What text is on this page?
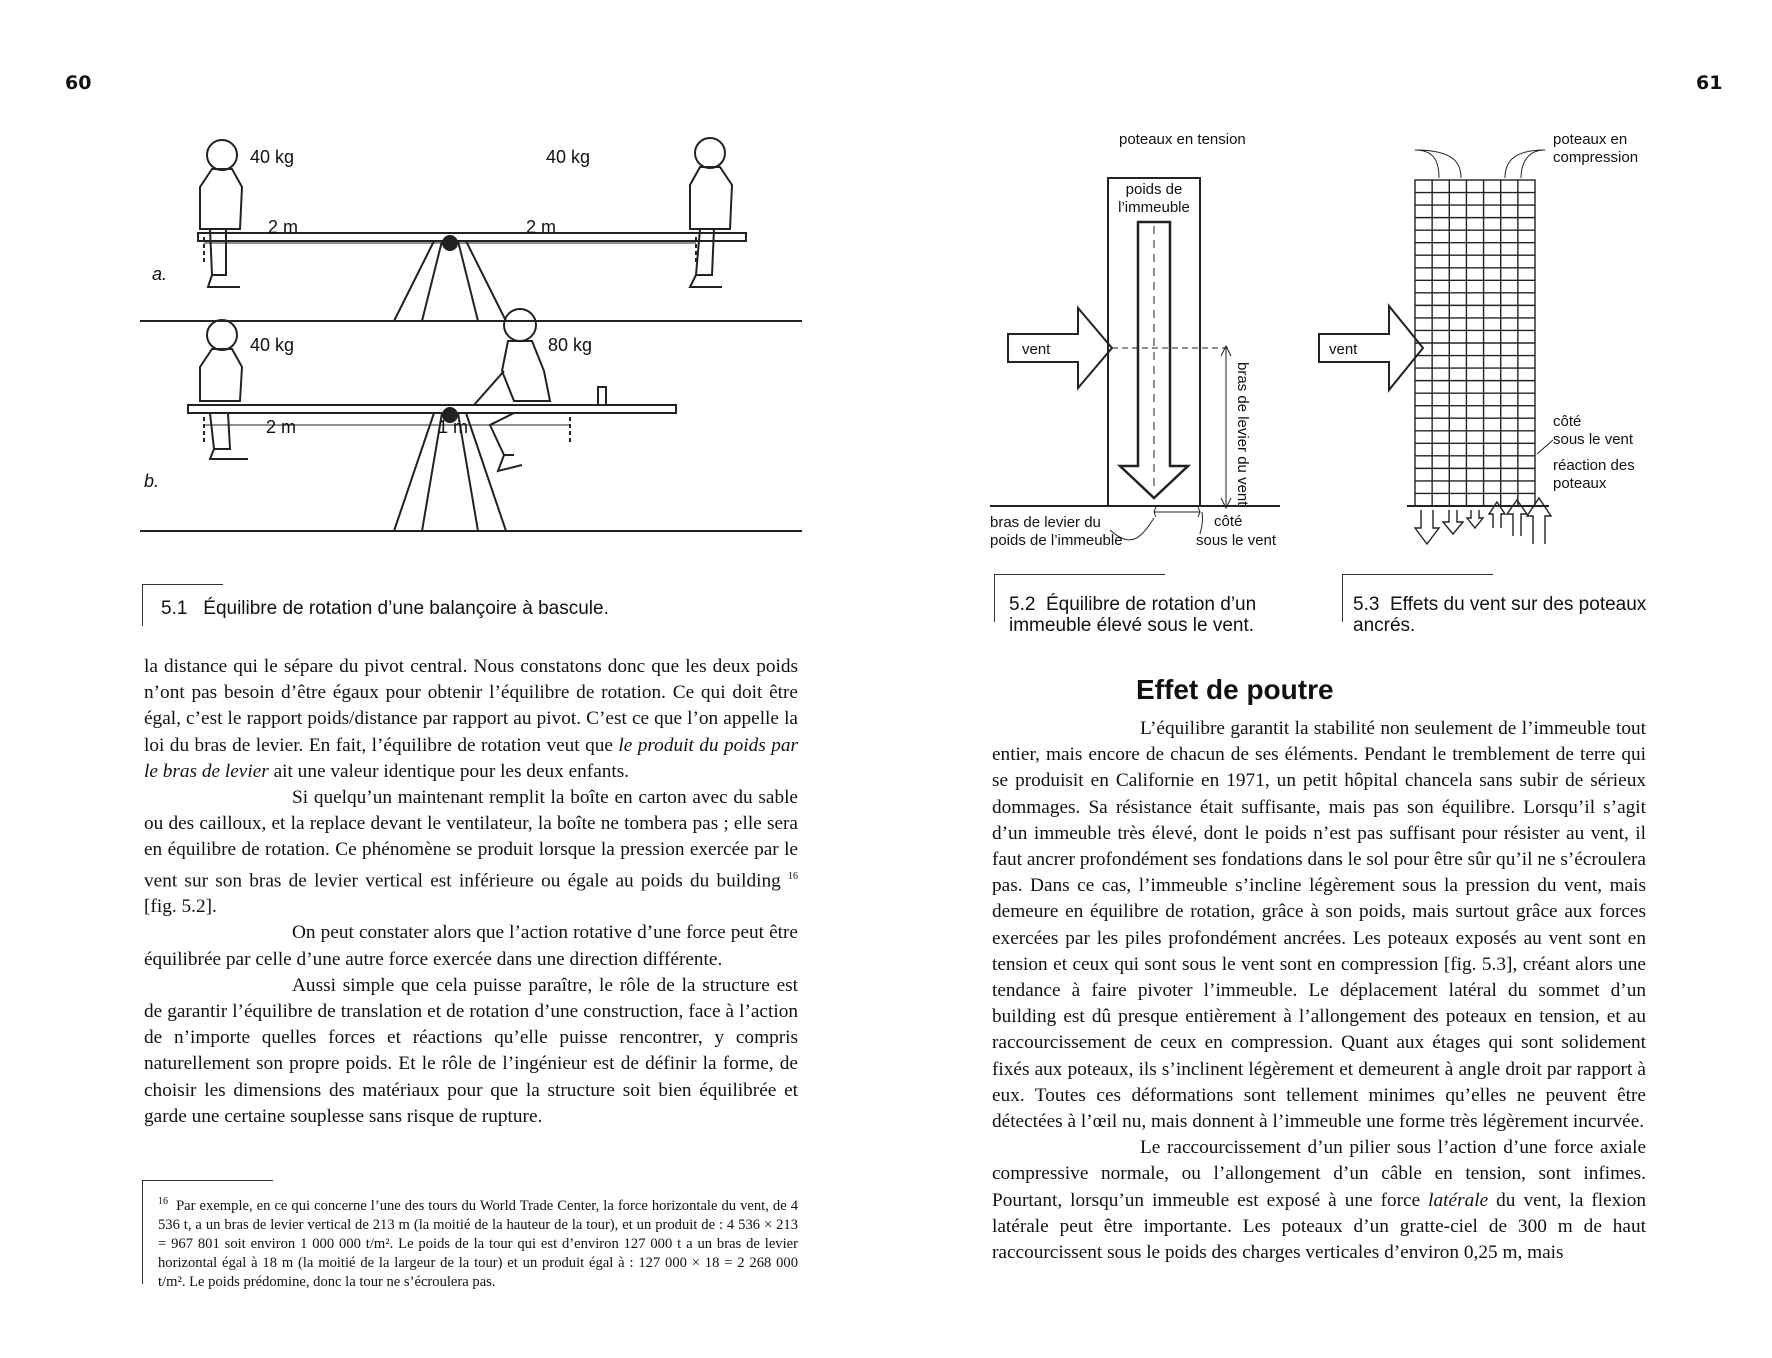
60	61
a.
40 kg	40 kg
2 m	2 m
b.
40 kg	80 kg
2 m	1 m
5.1 Équilibre de rotation d’une balançoire à bascule.

la distance qui le sépare du pivot central. Nous constatons donc que les deux poids n’ont pas besoin d’être égaux pour obtenir l’équilibre de rotation. Ce qui doit être égal, c’est le rapport poids/distance par rapport au pivot. C’est ce que l’on appelle la loi du bras de levier. En fait, l’équilibre de rotation veut que le produit du poids par le bras de levier ait une valeur identique pour les deux enfants.

Si quelqu’un maintenant remplit la boîte en carton avec du sable ou des cailloux, et la replace devant le ventilateur, la boîte ne tombera pas ; elle sera en équilibre de rotation. Ce phénomène se produit lorsque la pression exercée par le vent sur son bras de levier vertical est inférieure ou égale au poids du building $^{16}$ [fig. 5.2].

On peut constater alors que l’action rotative d’une force peut être équilibrée par celle d’une autre force exercée dans une direction différente.

Aussi simple que cela puisse paraître, le rôle de la structure est de garantir l’équilibre de translation et de rotation d’une construction, face à l’action de n’importe quelles forces et réactions qu’elle puisse rencontrer, y compris naturellement son propre poids. Et le rôle de l’ingénieur est de définir la forme, de choisir les dimensions des matériaux pour que la structure soit bien équilibrée et garde une certaine souplesse sans risque de rupture.

$^{16}$ Par exemple, en ce qui concerne l’une des tours du World Trade Center, la force horizontale du vent, de 4 536 t, a un bras de levier vertical de 213 m (la moitié de la hauteur de la tour), et un produit de : 4 536 × 213 = 967 801 soit environ 1 000 000 t/m². Le poids de la tour qui est d’environ 127 000 t a un bras de levier horizontal égal à 18 m (la moitié de la largeur de la tour) et un produit égal à : 127 000 × 18 = 2 268 000 t/m². Le poids prédomine, donc la tour ne s’écroulera pas.
poids de
l’immeuble
vent
bras de levier du vent
bras de levier du
poids de l’immeuble
côté
sous le vent
poteaux en tension	poteaux en
compression
vent
côté
sous le vent
réaction des
poteaux
5.2 Équilibre de rotation d’un
immeuble élevé sous le vent.
5.3 Effets du vent sur des poteaux
ancrés.
Effet de poutre

L’équilibre garantit la stabilité non seulement de l’immeuble tout entier, mais encore de chacun de ses éléments. Pendant le tremblement de terre qui se produisit en Californie en 1971, un petit hôpital chancela sans subir de sérieux dommages. Sa résistance était suffisante, mais pas son équilibre. Lorsqu’il s’agit d’un immeuble très élevé, dont le poids n’est pas suffisant pour résister au vent, il faut ancrer profondément ses fondations dans le sol pour être sûr qu’il ne s’écroulera pas. Dans ce cas, l’immeuble s’incline légèrement sous la pression du vent, mais demeure en équilibre de rotation, grâce à son poids, mais surtout grâce aux forces exercées par les piles profondément ancrées. Les poteaux exposés au vent sont en tension et ceux qui sont sous le vent sont en compression [fig. 5.3], créant alors une tendance à faire pivoter l’immeuble. Le déplacement latéral du sommet d’un building est dû presque entièrement à l’allongement des poteaux en tension, et au raccourcissement de ceux en compression. Quant aux étages qui sont solidement fixés aux poteaux, ils s’inclinent légèrement et demeurent à angle droit par rapport à eux. Toutes ces déformations sont tellement minimes qu’elles ne peuvent être détectées à l’œil nu, mais donnent à l’immeuble une forme très légèrement incurvée.

Le raccourcissement d’un pilier sous l’action d’une force axiale compressive normale, ou l’allongement d’un câble en tension, sont infimes. Pourtant, lorsqu’un immeuble est exposé à une force latérale du vent, la flexion latérale peut être importante. Les poteaux d’un gratte-ciel de 300 m de haut raccourcissent sous le poids des charges verticales d’environ 0,25 m, mais
